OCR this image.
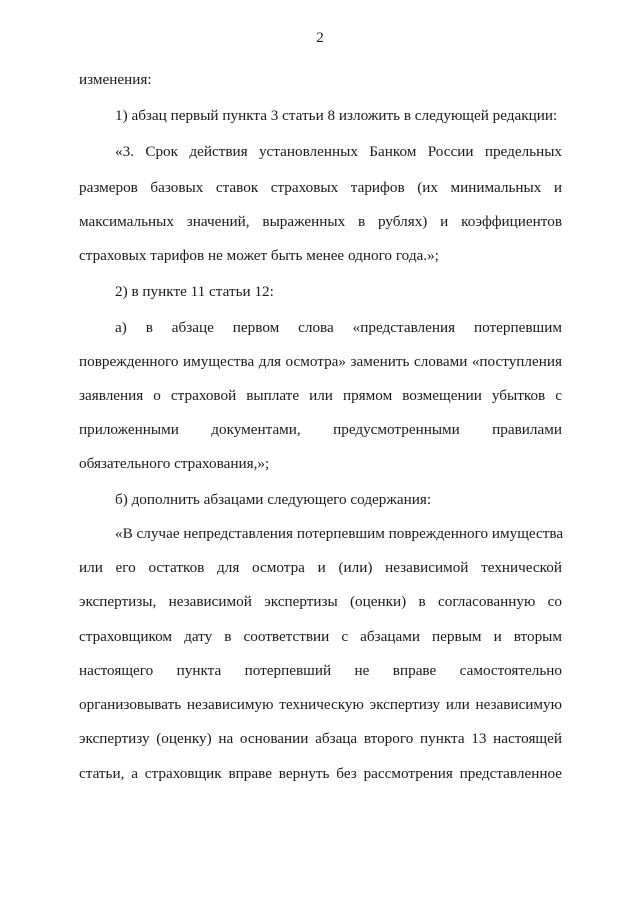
2
изменения:
1) абзац первый пункта 3 статьи 8 изложить в следующей редакции:
«3. Срок действия установленных Банком России предельных
размеров базовых ставок страховых тарифов (их минимальных и
максимальных значений, выраженных в рублях) и коэффициентов
страховых тарифов не может быть менее одного года.»;
2) в пункте 11 статьи 12:
а) в абзаце первом слова «представления потерпевшим
поврежденного имущества для осмотра» заменить словами «поступления
заявления о страховой выплате или прямом возмещении убытков с
приложенными документами, предусмотренными правилами
обязательного страхования,»;
б) дополнить абзацами следующего содержания:
«В случае непредставления потерпевшим поврежденного имущества
или его остатков для осмотра и (или) независимой технической
экспертизы, независимой экспертизы (оценки) в согласованную со
страховщиком дату в соответствии с абзацами первым и вторым
настоящего пункта потерпевший не вправе самостоятельно
организовывать независимую техническую экспертизу или независимую
экспертизу (оценку) на основании абзаца второго пункта 13 настоящей
статьи, а страховщик вправе вернуть без рассмотрения представленное
